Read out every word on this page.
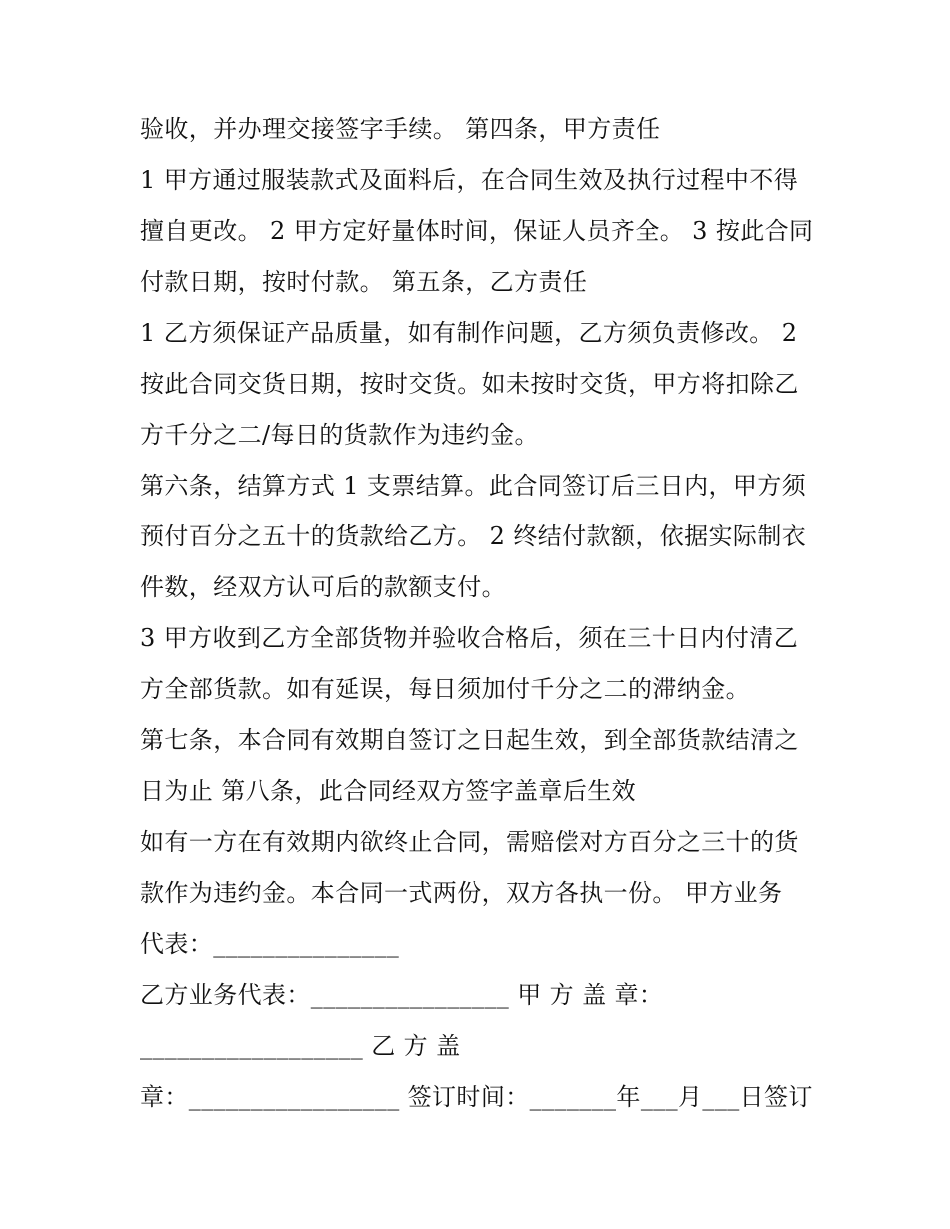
验收，并办理交接签字手续。 第四条，甲方责任

1 甲方通过服装款式及面料后，在合同生效及执行过程中不得

擅自更改。 2 甲方定好量体时间，保证人员齐全。 3 按此合同

付款日期，按时付款。 第五条，乙方责任

1 乙方须保证产品质量，如有制作问题，乙方须负责修改。 2

按此合同交货日期，按时交货。如未按时交货，甲方将扣除乙

方千分之二/每日的货款作为违约金。

第六条，结算方式 1 支票结算。此合同签订后三日内，甲方须

预付百分之五十的货款给乙方。 2 终结付款额，依据实际制衣

件数，经双方认可后的款额支付。

3 甲方收到乙方全部货物并验收合格后，须在三十日内付清乙

方全部货款。如有延误，每日须加付千分之二的滞纳金。

第七条，本合同有效期自签订之日起生效，到全部货款结清之

日为止 第八条，此合同经双方签字盖章后生效

如有一方在有效期内欲终止合同，需赔偿对方百分之三十的货

款作为违约金。本合同一式两份，双方各执一份。 甲方业务

代表：_______________

乙方业务代表：________________ 甲 方 盖 章：

__________________ 乙 方 盖

章：_________________ 签订时间：_______年___月___日签订
